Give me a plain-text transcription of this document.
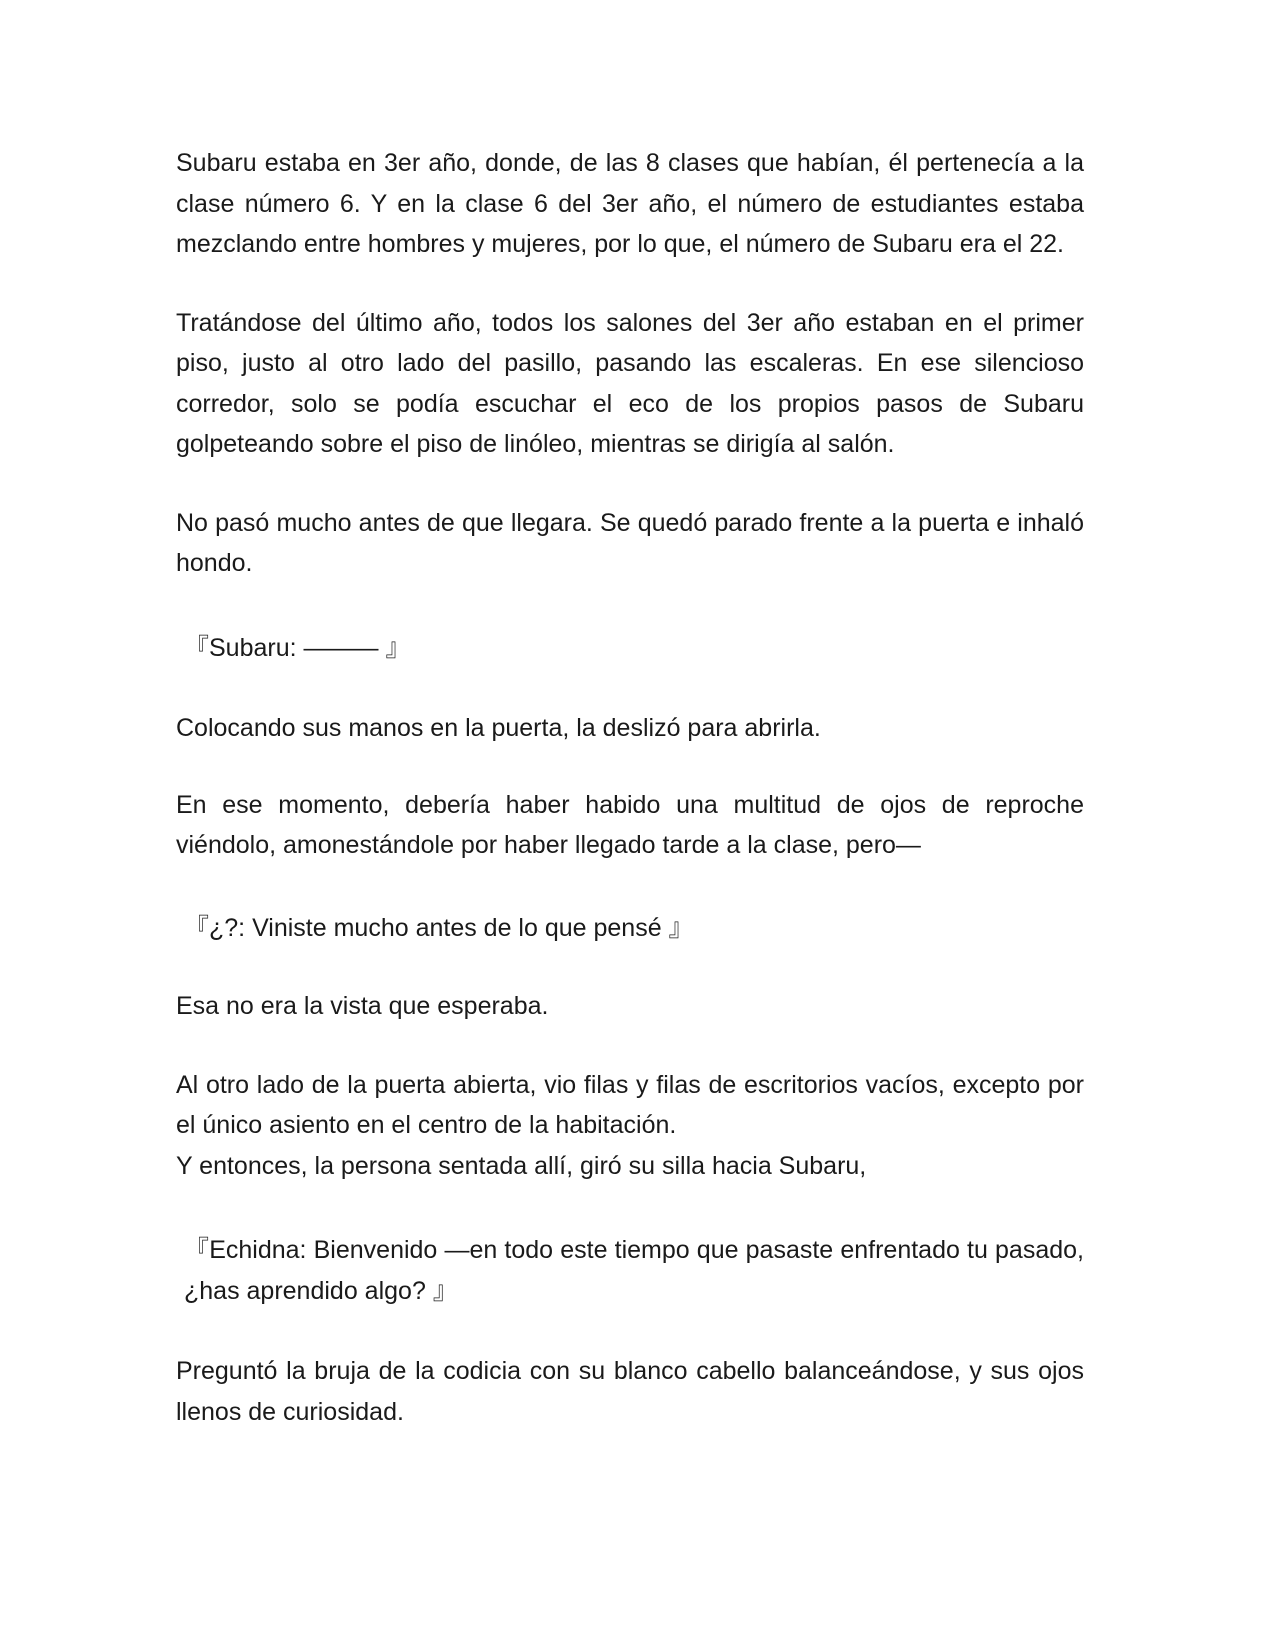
Subaru estaba en 3er año, donde, de las 8 clases que habían, él pertenecía a la clase número 6. Y en la clase 6 del 3er año, el número de estudiantes estaba mezclando entre hombres y mujeres, por lo que, el número de Subaru era el 22.

Tratándose del último año, todos los salones del 3er año estaban en el primer piso, justo al otro lado del pasillo, pasando las escaleras. En ese silencioso corredor, solo se podía escuchar el eco de los propios pasos de Subaru golpeteando sobre el piso de linóleo, mientras se dirigía al salón.

No pasó mucho antes de que llegara. Se quedó parado frente a la puerta e inhaló hondo.

『Subaru: ——— 』

Colocando sus manos en la puerta, la deslizó para abrirla.

En ese momento, debería haber habido una multitud de ojos de reproche viéndolo, amonestándole por haber llegado tarde a la clase, pero—

『¿?: Viniste mucho antes de lo que pensé 』

Esa no era la vista que esperaba.

Al otro lado de la puerta abierta, vio filas y filas de escritorios vacíos, excepto por el único asiento en el centro de la habitación.

Y entonces, la persona sentada allí, giró su silla hacia Subaru,

『Echidna: Bienvenido —en todo este tiempo que pasaste enfrentado tu pasado, ¿has aprendido algo? 』

Preguntó la bruja de la codicia con su blanco cabello balanceándose, y sus ojos llenos de curiosidad.
